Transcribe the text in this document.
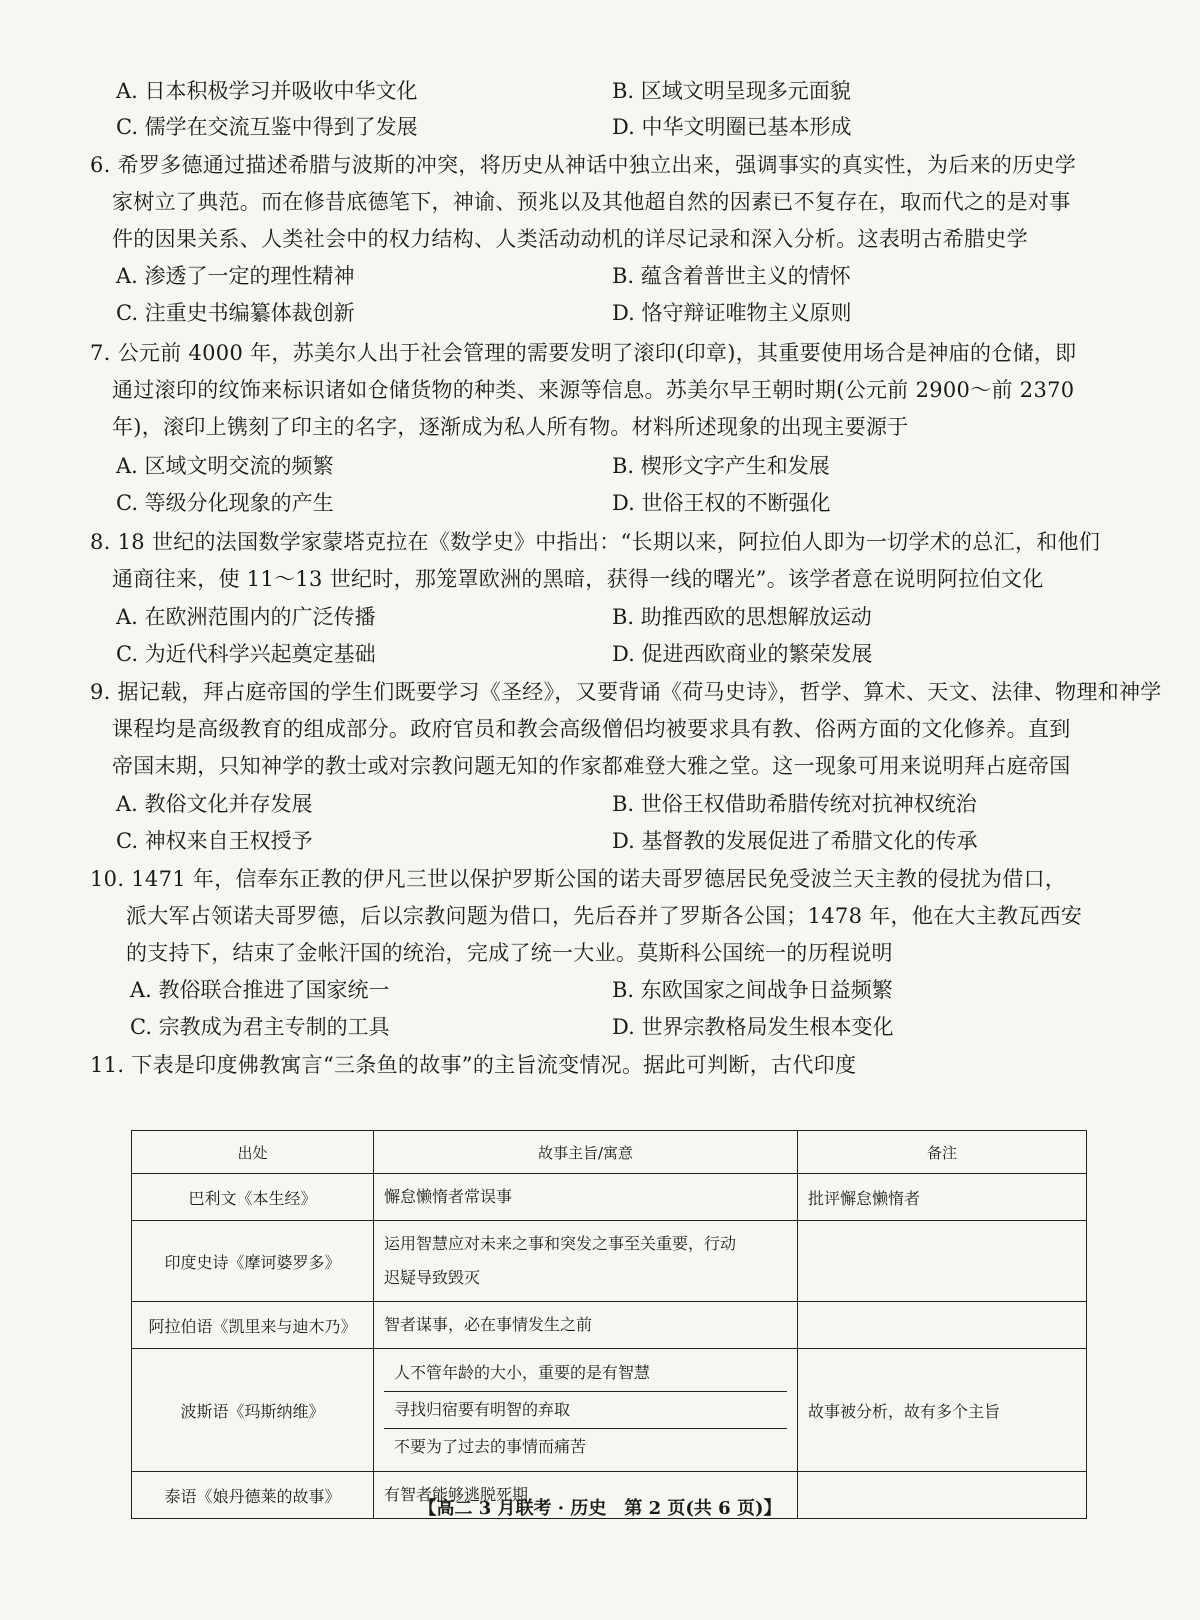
A. 日本积极学习并吸收中华文化	B. 区域文明呈现多元面貌
C. 儒学在交流互鉴中得到了发展	D. 中华文明圈已基本形成
6. 希罗多德通过描述希腊与波斯的冲突，将历史从神话中独立出来，强调事实的真实性，为后来的历史学
家树立了典范。而在修昔底德笔下，神谕、预兆以及其他超自然的因素已不复存在，取而代之的是对事
件的因果关系、人类社会中的权力结构、人类活动动机的详尽记录和深入分析。这表明古希腊史学
A. 渗透了一定的理性精神	B. 蕴含着普世主义的情怀
C. 注重史书编纂体裁创新	D. 恪守辩证唯物主义原则
7. 公元前 4000 年，苏美尔人出于社会管理的需要发明了滚印(印章)，其重要使用场合是神庙的仓储，即
通过滚印的纹饰来标识诸如仓储货物的种类、来源等信息。苏美尔早王朝时期(公元前 2900～前 2370
年)，滚印上镌刻了印主的名字，逐渐成为私人所有物。材料所述现象的出现主要源于
A. 区域文明交流的频繁	B. 楔形文字产生和发展
C. 等级分化现象的产生	D. 世俗王权的不断强化
8. 18 世纪的法国数学家蒙塔克拉在《数学史》中指出：“长期以来，阿拉伯人即为一切学术的总汇，和他们
通商往来，使 11～13 世纪时，那笼罩欧洲的黑暗，获得一线的曙光”。该学者意在说明阿拉伯文化
A. 在欧洲范围内的广泛传播	B. 助推西欧的思想解放运动
C. 为近代科学兴起奠定基础	D. 促进西欧商业的繁荣发展
9. 据记载，拜占庭帝国的学生们既要学习《圣经》，又要背诵《荷马史诗》，哲学、算术、天文、法律、物理和神学
课程均是高级教育的组成部分。政府官员和教会高级僧侣均被要求具有教、俗两方面的文化修养。直到
帝国末期，只知神学的教士或对宗教问题无知的作家都难登大雅之堂。这一现象可用来说明拜占庭帝国
A. 教俗文化并存发展	B. 世俗王权借助希腊传统对抗神权统治
C. 神权来自王权授予	D. 基督教的发展促进了希腊文化的传承
10. 1471 年，信奉东正教的伊凡三世以保护罗斯公国的诺夫哥罗德居民免受波兰天主教的侵扰为借口，
派大军占领诺夫哥罗德，后以宗教问题为借口，先后吞并了罗斯各公国；1478 年，他在大主教瓦西安
的支持下，结束了金帐汗国的统治，完成了统一大业。莫斯科公国统一的历程说明
A. 教俗联合推进了国家统一	B. 东欧国家之间战争日益频繁
C. 宗教成为君主专制的工具	D. 世界宗教格局发生根本变化
11. 下表是印度佛教寓言“三条鱼的故事”的主旨流变情况。据此可判断，古代印度
出处	故事主旨/寓意	备注
巴利文《本生经》	懈怠懒惰者常误事	批评懈怠懒惰者
印度史诗《摩诃婆罗多》	运用智慧应对未来之事和突发之事至关重要，行动
迟疑导致毁灭	

阿拉伯语《凯里来与迪木乃》	智者谋事，必在事情发生之前	
波斯语《玛斯纳维》	人不管年龄的大小，重要的是有智慧
寻找归宿要有明智的弃取
不要为了过去的事情而痛苦	故事被分析，故有多个主旨
泰语《娘丹德莱的故事》	有智者能够逃脱死期	
【高二 3 月联考 · 历史　第 2 页(共 6 页)】
